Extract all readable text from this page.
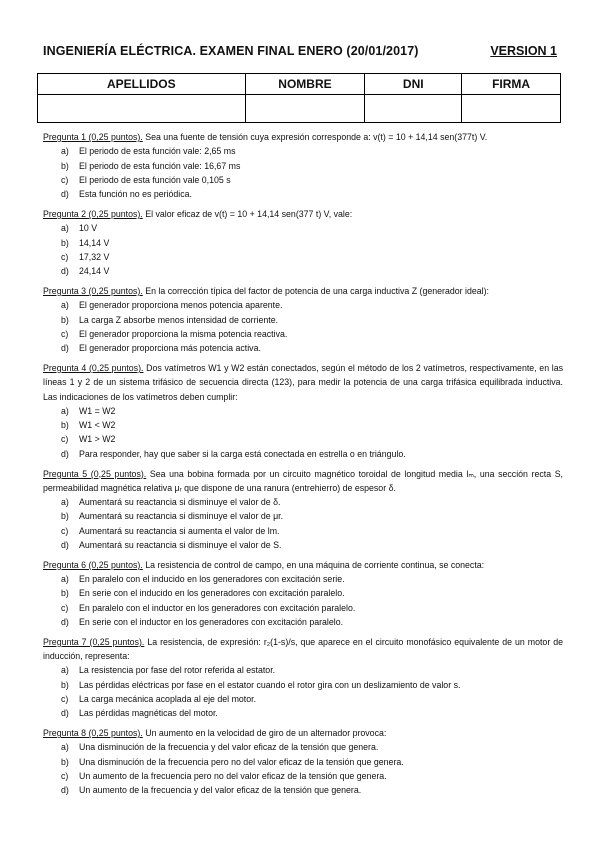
INGENIERÍA ELÉCTRICA. EXAMEN FINAL ENERO (20/01/2017)	VERSION 1
APELLIDOS	NOMBRE	DNI	FIRMA

Pregunta 1 (0,25 puntos). Sea una fuente de tensión cuya expresión corresponde a: v(t) = 10 + 14,14 sen(377t) V.
a)	El periodo de esta función vale: 2,65 ms
b)	El periodo de esta función vale: 16,67 ms
c)	El periodo de esta función vale 0,105 s
d)	Esta función no es periódica.
Pregunta 2 (0,25 puntos). El valor eficaz de v(t) = 10 + 14,14 sen(377 t) V, vale:
a)	10 V
b)	14,14 V
c)	17,32 V
d)	24,14 V
Pregunta 3 (0,25 puntos). En la corrección típica del factor de potencia de una carga inductiva Z (generador ideal):
a)	El generador proporciona menos potencia aparente.
b)	La carga Z absorbe menos intensidad de corriente.
c)	El generador proporciona la misma potencia reactiva.
d)	El generador proporciona más potencia activa.
Pregunta 4 (0,25 puntos). Dos vatímetros W1 y W2 están conectados, según el método de los 2 vatímetros, respectivamente, en las líneas 1 y 2 de un sistema trifásico de secuencia directa (123), para medir la potencia de una carga trifásica equilibrada inductiva. Las indicaciones de los vatímetros deben cumplir:
a)	W1 = W2
b)	W1 < W2
c)	W1 > W2
d)	Para responder, hay que saber si la carga está conectada en estrella o en triángulo.
Pregunta 5 (0,25 puntos). Sea una bobina formada por un circuito magnético toroidal de longitud media lₘ, una sección recta S, permeabilidad magnética relativa μᵣ que dispone de una ranura (entrehierro) de espesor δ.
a)	Aumentará su reactancia si disminuye el valor de δ.
b)	Aumentará su reactancia si disminuye el valor de μr.
c)	Aumentará su reactancia si aumenta el valor de lm.
d)	Aumentará su reactancia si disminuye el valor de S.
Pregunta 6 (0,25 puntos). La resistencia de control de campo, en una máquina de corriente continua, se conecta:
a)	En paralelo con el inducido en los generadores con excitación serie.
b)	En serie con el inducido en los generadores con excitación paralelo.
c)	En paralelo con el inductor en los generadores con excitación paralelo.
d)	En serie con el inductor en los generadores con excitación paralelo.
Pregunta 7 (0,25 puntos). La resistencia, de expresión: r₂(1-s)/s, que aparece en el circuito monofásico equivalente de un motor de inducción, representa:
a)	La resistencia por fase del rotor referida al estator.
b)	Las pérdidas eléctricas por fase en el estator cuando el rotor gira con un deslizamiento de valor s.
c)	La carga mecánica acoplada al eje del motor.
d)	Las pérdidas magnéticas del motor.
Pregunta 8 (0,25 puntos). Un aumento en la velocidad de giro de un alternador provoca:
a)	Una disminución de la frecuencia y del valor eficaz de la tensión que genera.
b)	Una disminución de la frecuencia pero no del valor eficaz de la tensión que genera.
c)	Un aumento de la frecuencia pero no del valor eficaz de la tensión que genera.
d)	Un aumento de la frecuencia y del valor eficaz de la tensión que genera.
